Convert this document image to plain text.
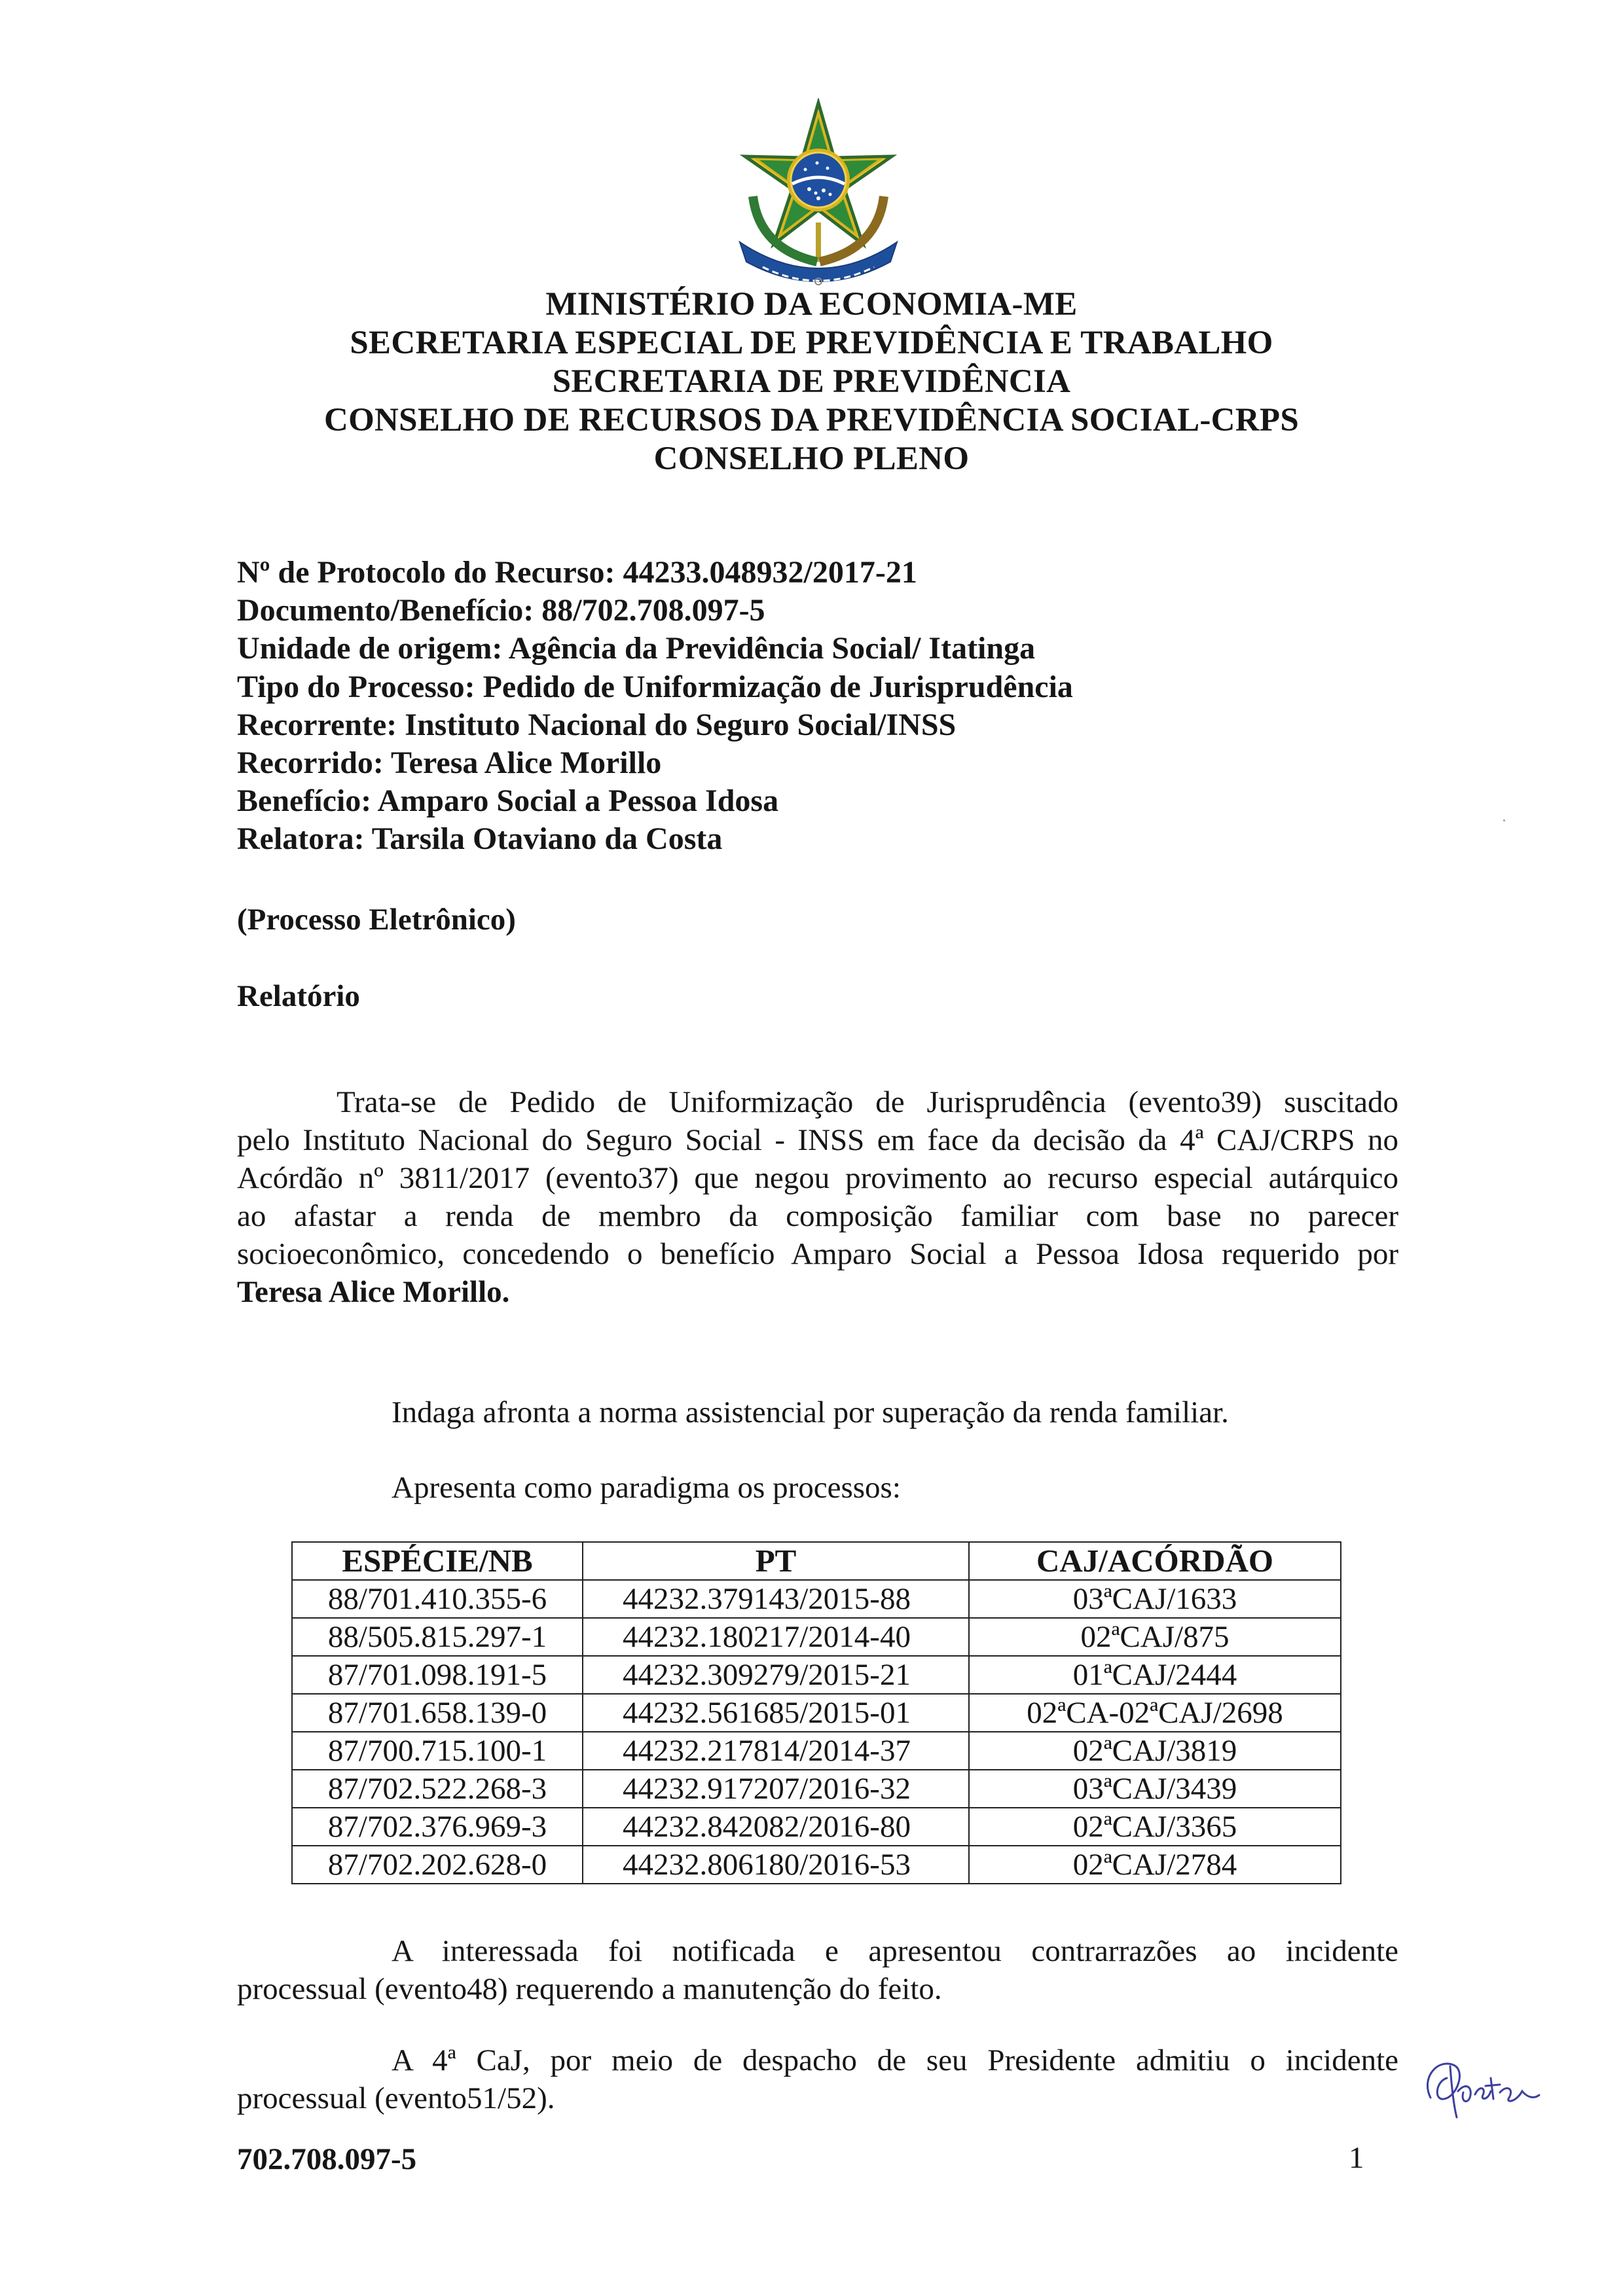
MINISTÉRIO DA ECONOMIA-ME
SECRETARIA ESPECIAL DE PREVIDÊNCIA E TRABALHO
SECRETARIA DE PREVIDÊNCIA
CONSELHO DE RECURSOS DA PREVIDÊNCIA SOCIAL-CRPS
CONSELHO PLENO
Nº de Protocolo do Recurso: 44233.048932/2017-21
Documento/Benefício: 88/702.708.097-5
Unidade de origem: Agência da Previdência Social/ Itatinga
Tipo do Processo: Pedido de Uniformização de Jurisprudência
Recorrente: Instituto Nacional do Seguro Social/INSS
Recorrido: Teresa Alice Morillo
Benefício: Amparo Social a Pessoa Idosa
Relatora: Tarsila Otaviano da Costa
(Processo Eletrônico)
Relatório
Trata-se de Pedido de Uniformização de Jurisprudência (evento39) suscitado
pelo Instituto Nacional do Seguro Social - INSS em face da decisão da 4ª CAJ/CRPS no
Acórdão nº 3811/2017 (evento37) que negou provimento ao recurso especial autárquico
ao afastar a renda de membro da composição familiar com base no parecer
socioeconômico, concedendo o benefício Amparo Social a Pessoa Idosa requerido por
Teresa Alice Morillo.
Indaga afronta a norma assistencial por superação da renda familiar.
Apresenta como paradigma os processos:
ESPÉCIE/NB	PT	CAJ/ACÓRDÃO
88/701.410.355-6	44232.379143/2015-88	03ªCAJ/1633
88/505.815.297-1	44232.180217/2014-40	02ªCAJ/875
87/701.098.191-5	44232.309279/2015-21	01ªCAJ/2444
87/701.658.139-0	44232.561685/2015-01	02ªCA-02ªCAJ/2698
87/700.715.100-1	44232.217814/2014-37	02ªCAJ/3819
87/702.522.268-3	44232.917207/2016-32	03ªCAJ/3439
87/702.376.969-3	44232.842082/2016-80	02ªCAJ/3365
87/702.202.628-0	44232.806180/2016-53	02ªCAJ/2784
A interessada foi notificada e apresentou contrarrazões ao incidente
processual (evento48) requerendo a manutenção do feito.
A 4ª CaJ, por meio de despacho de seu Presidente admitiu o incidente
processual (evento51/52).
702.708.097-5	1
